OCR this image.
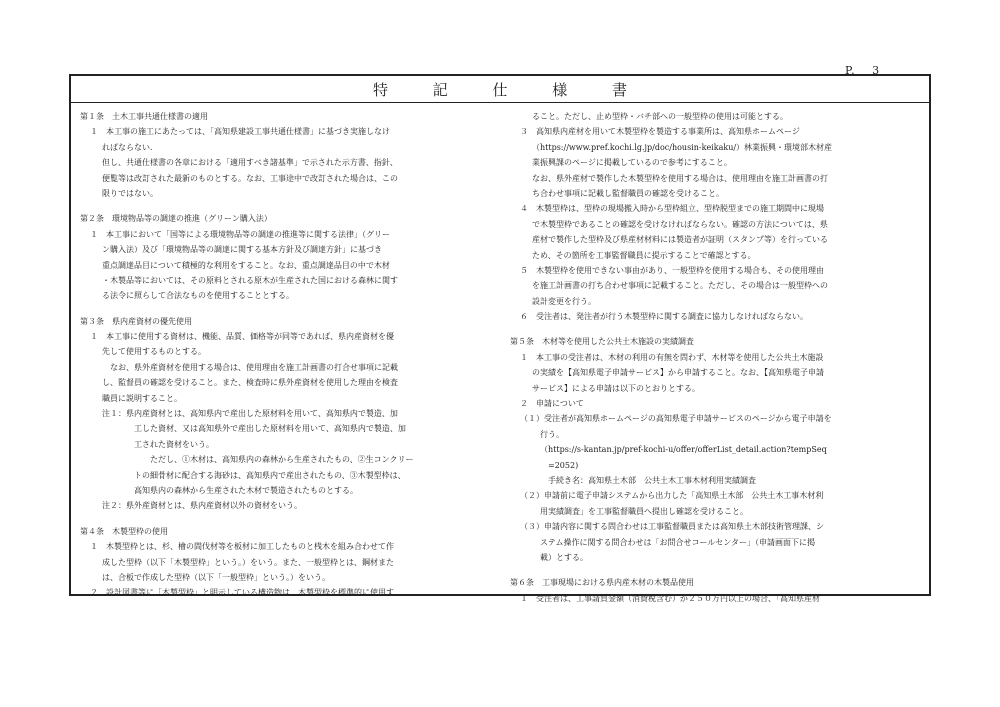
P.　 3
特 記 仕 様 書
第１条　土木工事共通仕様書の適用
１　本工事の施工にあたっては、「高知県建設工事共通仕様書」に基づき実施しなけ
ればならない.
但し、共通仕様書の各章における「適用すべき諸基準」で示された示方書、指針、
便覧等は改訂された最新のものとする。なお、工事途中で改訂された場合は、この
限りではない。
第２条　環境物品等の調達の推進（グリーン購入法）
１　本工事において「国等による環境物品等の調達の推進等に関する法律」（グリー
ン購入法）及び「環境物品等の調達に関する基本方針及び調達方針」に基づき
重点調達品目について積極的な利用をすること。なお、重点調達品目の中で木材
・木製品等においては、その原料とされる原木が生産された国における森林に関す
る法令に照らして合法なものを使用することとする。
第３条　県内産資材の優先使用
１　本工事に使用する資材は、機能、品質、価格等が同等であれば、県内産資材を優
先して使用するものとする。
なお、県外産資材を使用する場合は、使用理由を施工計画書の打合せ事項に記載
し、監督員の確認を受けること。また、検査時に県外産資材を使用した理由を検査
職員に説明すること。
注１：県内産資材とは、高知県内で産出した原材料を用いて、高知県内で製造、加
工した資材、又は高知県外で産出した原材料を用いて、高知県内で製造、加
工された資材をいう。
ただし、①木材は、高知県内の森林から生産されたもの、②生コンクリー
トの細骨材に配合する海砂は、高知県内で産出されたもの、③木製型枠は、
高知県内の森林から生産された木材で製造されたものとする。
注２：県外産資材とは、県内産資材以外の資材をいう。
第４条　木製型枠の使用
１　木製型枠とは、杉、檜の間伐材等を板材に加工したものと桟木を組み合わせて作
成した型枠（以下「木製型枠」という。）をいう。また、一般型枠とは、鋼材また
は、合板で作成した型枠（以下「一般型枠」という。）をいう。
２　設計図書等に「木製型枠」と明示している構造物は、木製型枠を標準的に使用す
ること。ただし、止め型枠・バチ部への一般型枠の使用は可能とする。
３　高知県内産材を用いて木製型枠を製造する事業所は、高知県ホームページ
（https://www.pref.kochi.lg.jp/doc/housin-keikaku/）林業振興・環境部木材産
業振興課のページに掲載しているので参考にすること。
なお、県外産材で製作した木製型枠を使用する場合は、使用理由を施工計画書の打
ち合わせ事項に記載し監督職員の確認を受けること。
４　木製型枠は、型枠の現場搬入時から型枠組立、型枠脱型までの施工期間中に現場
で木製型枠であることの確認を受けなければならない。確認の方法については、県
産材で製作した型枠及び県産材材料には製造者が証明（スタンプ等）を行っている
ため、その箇所を工事監督職員に提示することで確認とする。
５　木製型枠を使用できない事由があり、一般型枠を使用する場合も、その使用理由
を施工計画書の打ち合わせ事項に記載すること。ただし、その場合は一般型枠への
設計変更を行う。
６　受注者は、発注者が行う木製型枠に関する調査に協力しなければならない。
第５条　木材等を使用した公共土木施設の実績調査
１　本工事の受注者は、木材の利用の有無を問わず、木材等を使用した公共土木施設
の実績を【高知県電子申請サービス】から申請すること。なお、【高知県電子申請
サービス】による申請は以下のとおりとする。
２　申請について
（１）受注者が高知県ホームページの高知県電子申請サービスのページから電子申請を
行う。
（https://s-kantan.jp/pref-kochi-u/offer/offerList_detail.action?tempSeq
=2052)
手続き名：高知県土木部　公共土木工事木材利用実績調査
（２）申請前に電子申請システムから出力した「高知県土木部　公共土木工事木材利
用実績調査」を工事監督職員へ提出し確認を受けること。
（３）申請内容に関する問合わせは工事監督職員または高知県土木部技術管理課、シ
ステム操作に関する問合わせは「お問合せコールセンター」（申請画面下に掲
載）とする。
第６条　工事現場における県内産木材の木製品使用
１　受注者は、工事請負金額（消費税含む）が２５０万円以上の場合、「高知県産材
